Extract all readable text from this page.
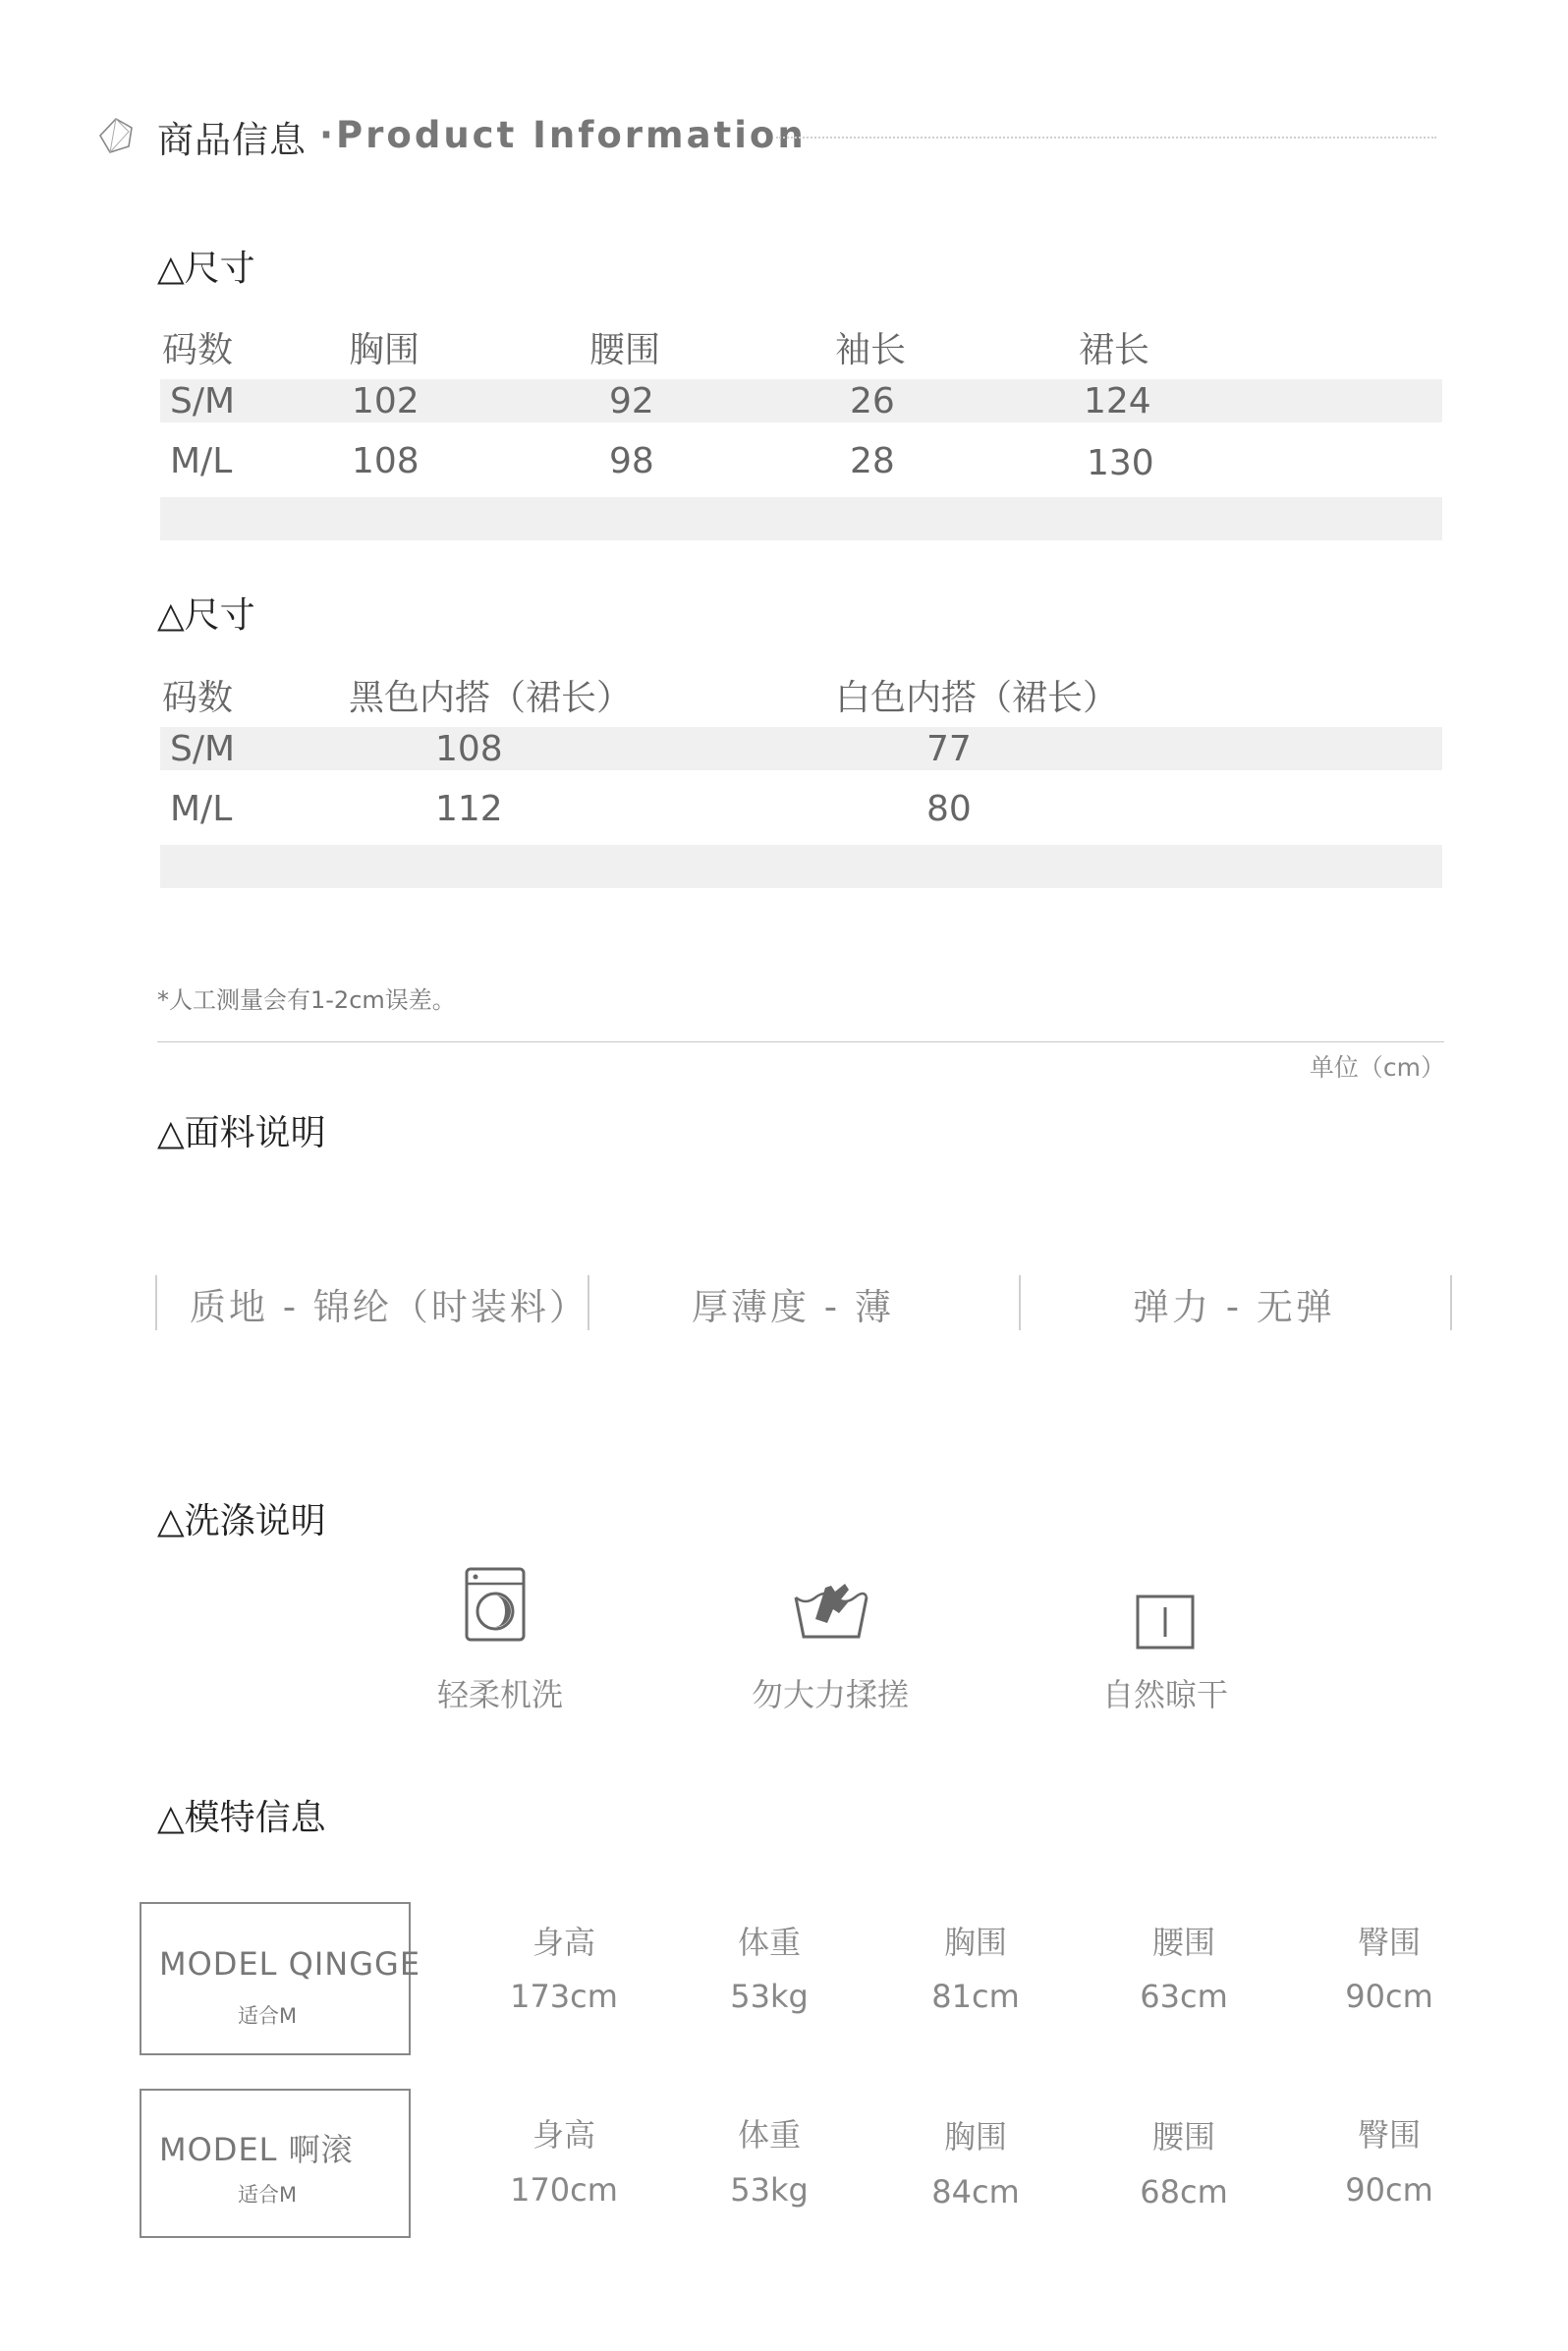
商品信息 ·Product Information
△尺寸
码数	胸围	腰围	袖长	裙长
S/M	102	92	26	124
M/L	108	98	28	130
△尺寸
码数	黑色内搭（裙长）	白色内搭（裙长）
S/M	108	77
M/L	112	80
*人工测量会有1-2cm误差。
单位（cm）
△面料说明
质地 - 锦纶（时装料）	厚薄度 - 薄	弹力 - 无弹
△洗涤说明
轻柔机洗	勿大力揉搓	自然晾干
△模特信息
MODEL QINGGE
适合M
身高	体重	胸围	腰围	臀围
173cm	53kg	81cm	63cm	90cm
MODEL 啊滚
适合M
身高	体重	胸围	腰围	臀围
170cm	53kg	84cm	68cm	90cm
